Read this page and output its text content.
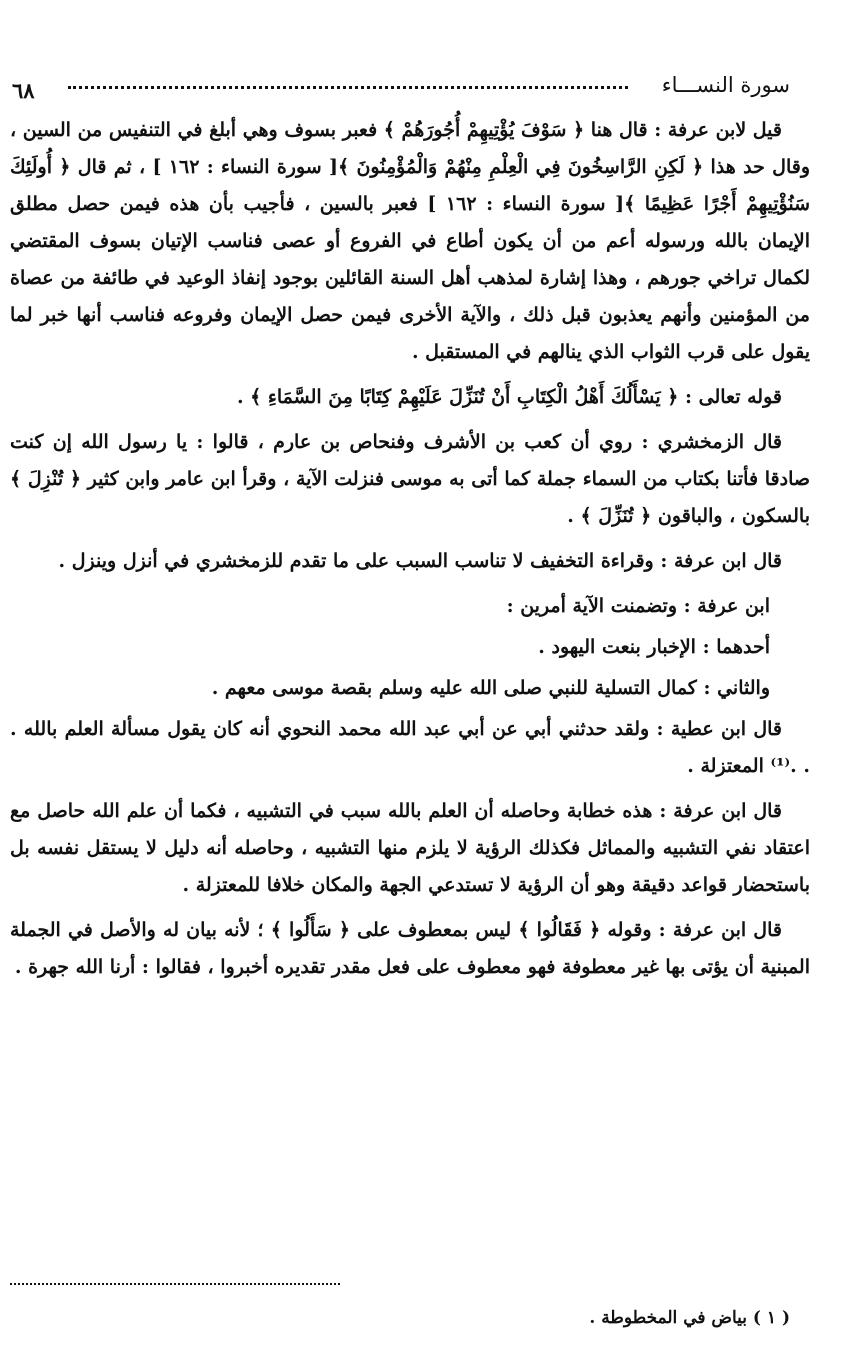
٦٨	سورة النســـاء

قيل لابن عرفة : قال هنا ﴿ سَوْفَ يُؤْتِيهِمْ أُجُورَهُمْ ﴾ فعبر بسوف وهي أبلغ في التنفيس من السين ، وقال حد هذا ﴿ لَكِنِ الرَّاسِخُونَ فِي الْعِلْمِ مِنْهُمْ وَالْمُؤْمِنُونَ ﴾[ سورة النساء : ١٦٢ ] ، ثم قال ﴿ أُولَئِكَ سَنُؤْتِيهِمْ أَجْرًا عَظِيمًا ﴾[ سورة النساء : ١٦٢ ] فعبر بالسين ، فأجيب بأن هذه فيمن حصل مطلق الإيمان بالله ورسوله أعم من أن يكون أطاع في الفروع أو عصى فناسب الإتيان بسوف المقتضي لكمال تراخي جورهم ، وهذا إشارة لمذهب أهل السنة القائلين بوجود إنفاذ الوعيد في طائفة من عصاة من المؤمنين وأنهم يعذبون قبل ذلك ، والآية الأخرى فيمن حصل الإيمان وفروعه فناسب أنها خبر لما يقول على قرب الثواب الذي ينالهم في المستقبل .

قوله تعالى : ﴿ يَسْأَلُكَ أَهْلُ الْكِتَابِ أَنْ تُنَزِّلَ عَلَيْهِمْ كِتَابًا مِنَ السَّمَاءِ ﴾ .

قال الزمخشري : روي أن كعب بن الأشرف وفنحاص بن عارم ، قالوا : يا رسول الله إن كنت صادقا فأتنا بكتاب من السماء جملة كما أتى به موسى فنزلت الآية ، وقرأ ابن عامر وابن كثير ﴿ تُنْزِلَ ﴾ بالسكون ، والباقون ﴿ تُنَزِّلَ ﴾ .

قال ابن عرفة : وقراءة التخفيف لا تناسب السبب على ما تقدم للزمخشري في أنزل وينزل .

ابن عرفة : وتضمنت الآية أمرين :

أحدهما : الإخبار بنعت اليهود .

والثاني : كمال التسلية للنبي صلى الله عليه وسلم بقصة موسى معهم .

قال ابن عطية : ولقد حدثني أبي عن أبي عبد الله محمد النحوي أنه كان يقول مسألة العلم بالله . . .⁽¹⁾ المعتزلة .

قال ابن عرفة : هذه خطابة وحاصله أن العلم بالله سبب في التشبيه ، فكما أن علم الله حاصل مع اعتقاد نفي التشبيه والمماثل فكذلك الرؤية لا يلزم منها التشبيه ، وحاصله أنه دليل لا يستقل نفسه بل باستحضار قواعد دقيقة وهو أن الرؤية لا تستدعي الجهة والمكان خلافا للمعتزلة .

قال ابن عرفة : وقوله ﴿ فَقَالُوا ﴾ ليس بمعطوف على ﴿ سَأَلُوا ﴾ ؛ لأنه بيان له والأصل في الجملة المبنية أن يؤتى بها غير معطوفة فهو معطوف على فعل مقدر تقديره أخبروا ، فقالوا : أرنا الله جهرة .

( ١ ) بياض في المخطوطة .
